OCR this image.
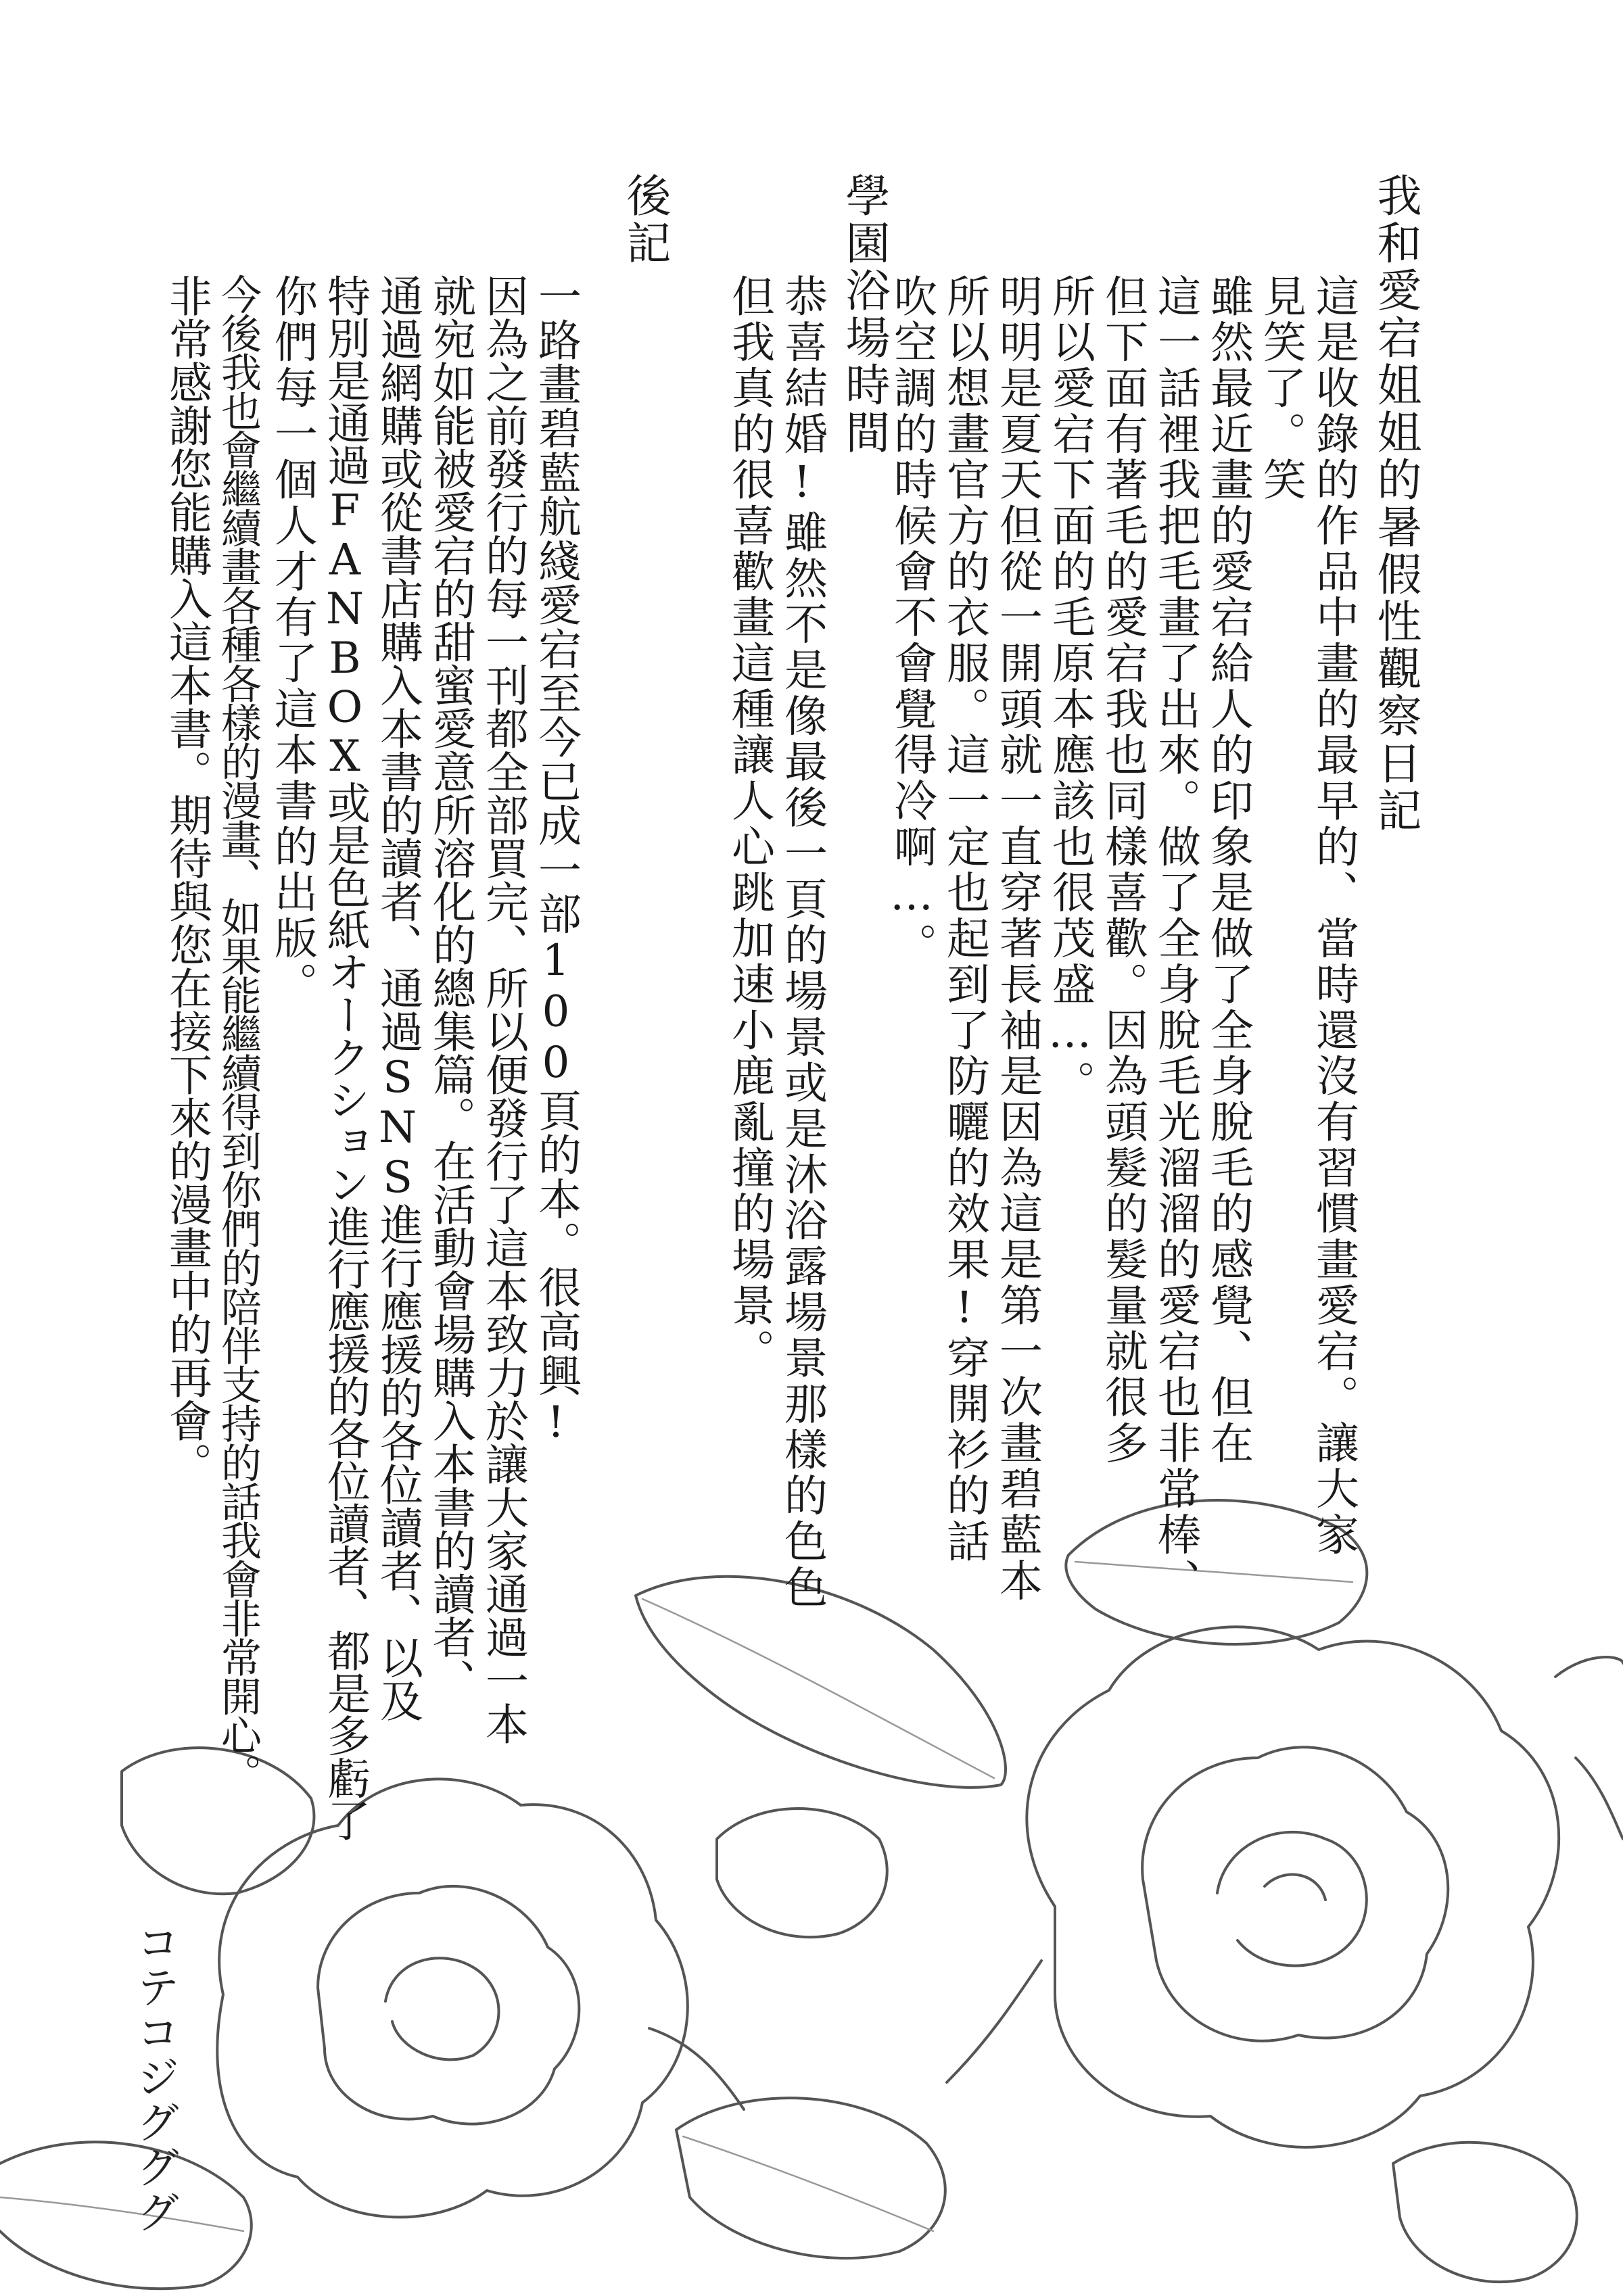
我和愛宕姐姐的暑假性觀察日記
這是收錄的作品中畫的最早的、當時還沒有習慣畫愛宕。讓大家
見笑了。笑
雖然最近畫的愛宕給人的印象是做了全身脫毛的感覺、但在
這一話裡我把毛畫了出來。做了全身脫毛光溜溜的愛宕也非常棒、
但下面有著毛的愛宕我也同樣喜歡。因為頭髮的髮量就很多
所以愛宕下面的毛原本應該也很茂盛…。
明明是夏天但從一開頭就一直穿著長袖是因為這是第一次畫碧藍本
所以想畫官方的衣服。這一定也起到了防曬的效果!穿開衫的話
吹空調的時候會不會覺得冷啊…。
學園浴場時間
恭喜結婚!雖然不是像最後一頁的場景或是沐浴露場景那樣的色色
但我真的很喜歡畫這種讓人心跳加速小鹿亂撞的場景。
後記
一路畫碧藍航綫愛宕至今已成一部100頁的本。很高興!
因為之前發行的每一刊都全部買完、所以便發行了這本致力於讓大家通過一本
就宛如能被愛宕的甜蜜愛意所溶化的總集篇。在活動會場購入本書的讀者、
通過網購或從書店購入本書的讀者、通過SNS進行應援的各位讀者、以及
特別是通過FANBOX或是色紙オークション進行應援的各位讀者、都是多虧了
你們每一個人才有了這本書的出版。
今後我也會繼續畫各種各樣的漫畫、如果能繼續得到你們的陪伴支持的話我會非常開心。
非常感謝您能購入這本書。期待與您在接下來的漫畫中的再會。
コテコジグググ
